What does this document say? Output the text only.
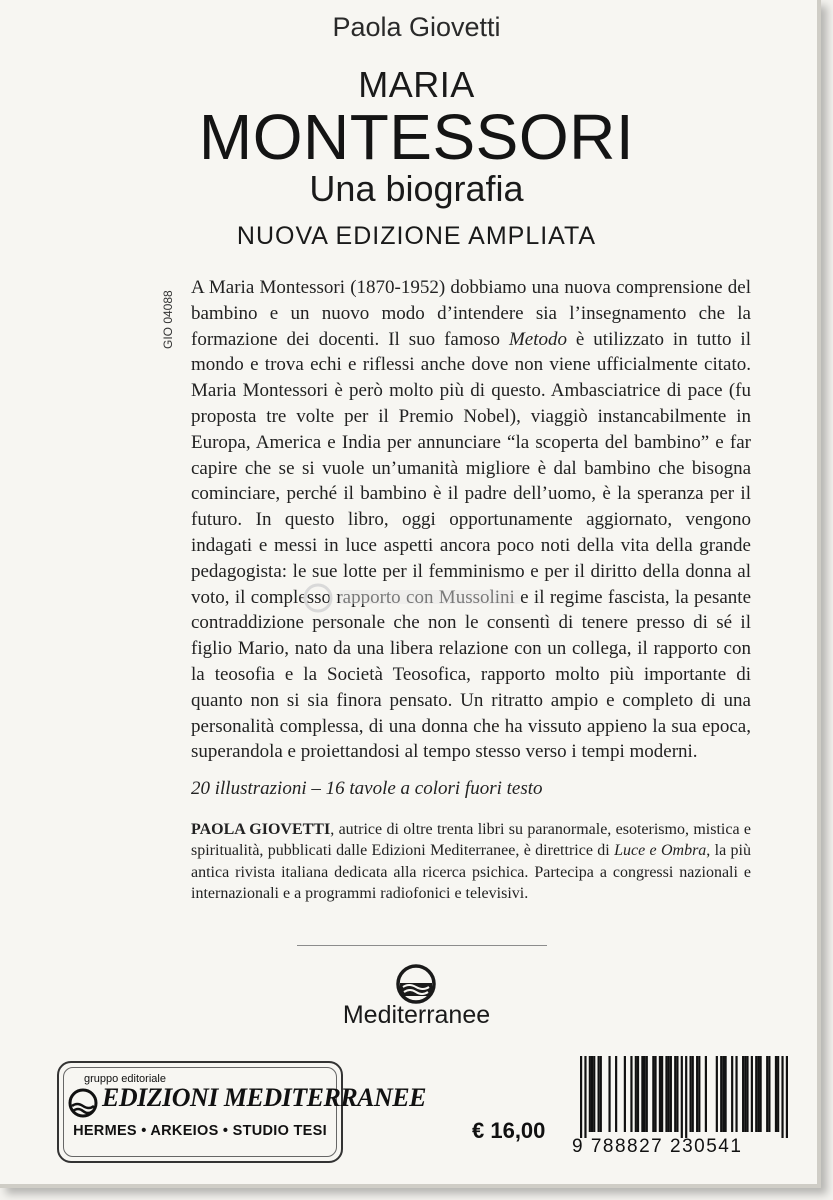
Paola Giovetti
MARIA
MONTESSORI
Una biografia
NUOVA EDIZIONE AMPLIATA
GIO 04088

A Maria Montessori (1870-1952) dobbiamo una nuova comprensione del bambino e un nuovo modo d’intendere sia l’insegnamento che la formazione dei docenti. Il suo famoso Metodo è utilizzato in tutto il mondo e trova echi e riflessi anche dove non viene ufficialmente citato. Maria Montessori è però molto più di questo. Ambasciatrice di pace (fu proposta tre volte per il Premio Nobel), viaggiò instancabilmente in Europa, America e India per annunciare “la scoperta del bambino” e far capire che se si vuole un’umanità migliore è dal bambino che bisogna cominciare, perché il bambino è il padre dell’uomo, è la speranza per il futuro. In questo libro, oggi opportunamente aggiornato, vengono indagati e messi in luce aspetti ancora poco noti della vita della grande pedagogista: le sue lotte per il femminismo e per il diritto della donna al voto, il complesso rapporto con Mussolini e il regime fascista, la pesante contraddizione personale che non le consentì di tenere presso di sé il figlio Mario, nato da una libera relazione con un collega, il rapporto con la teosofia e la Società Teosofica, rapporto molto più importante di quanto non si sia finora pensato. Un ritratto ampio e completo di una personalità complessa, di una donna che ha vissuto appieno la sua epoca, superandola e proiettandosi al tempo stesso verso i tempi moderni.

20 illustrazioni – 16 tavole a colori fuori testo

PAOLA GIOVETTI, autrice di oltre trenta libri su paranormale, esoterismo, mistica e spiritualità, pubblicati dalle Edizioni Mediterranee, è direttrice di Luce e Ombra, la più antica rivista italiana dedicata alla ricerca psichica. Partecipa a congressi nazionali e internazionali e a programmi radiofonici e televisivi.

Mediterranee
gruppo editoriale
EDIZIONI MEDITERRANEE
HERMES • ARKEIOS • STUDIO TESI	€ 16,00
9 788827 230541
